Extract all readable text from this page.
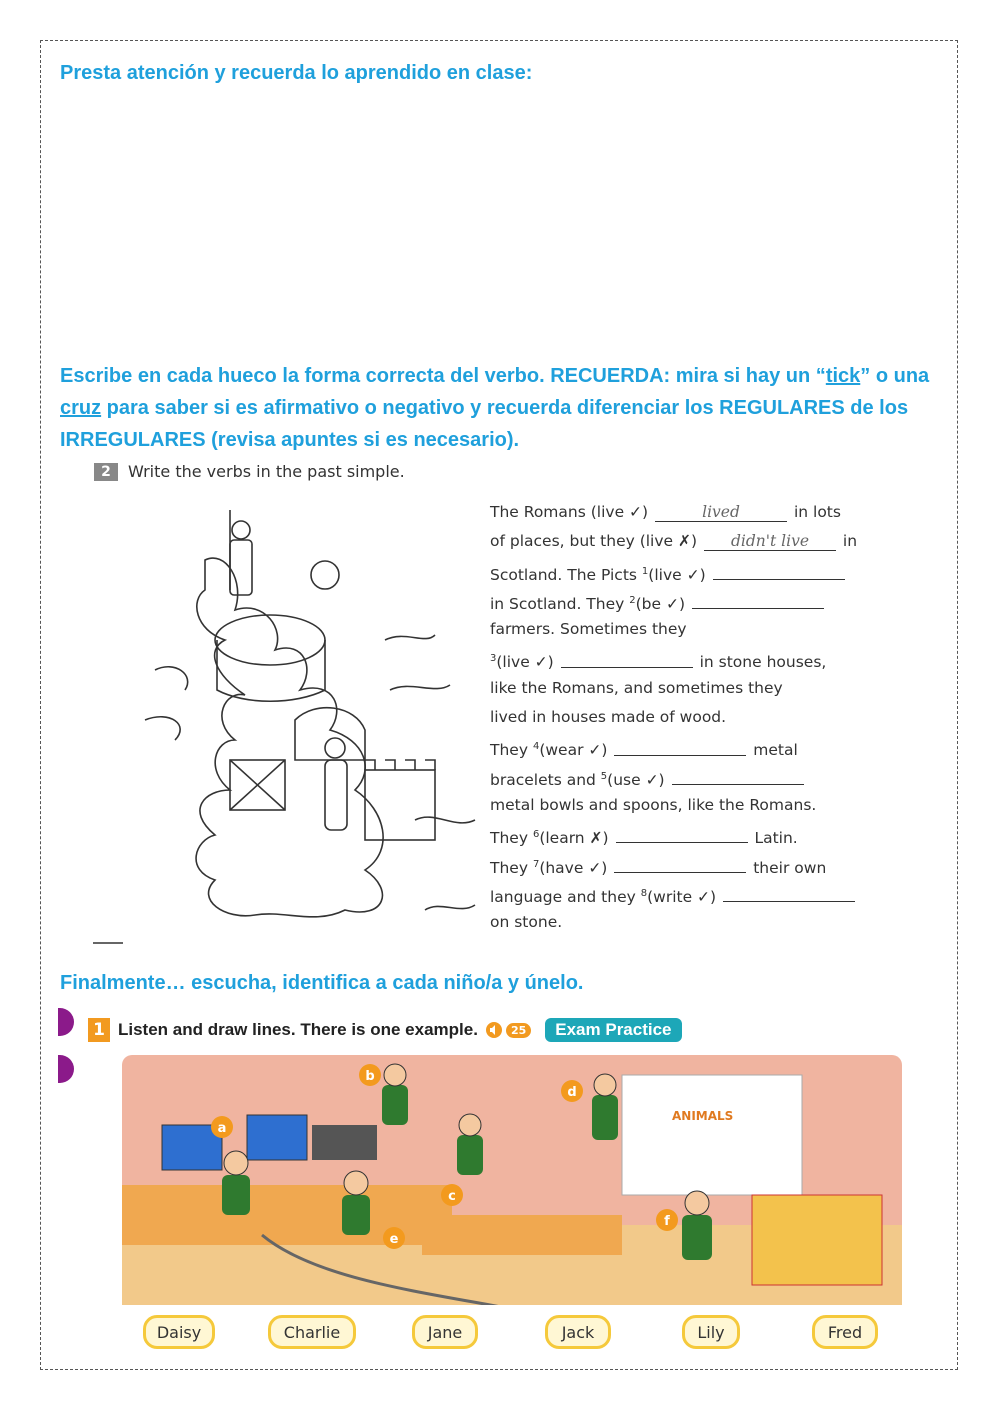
Presta atención y recuerda lo aprendido en clase:
Escribe en cada hueco la forma correcta del verbo. RECUERDA: mira si hay un “tick” o una cruz para saber si es afirmativo o negativo y recuerda diferenciar los REGULARES de los IRREGULARES (revisa apuntes si es necesario).
2	Write the verbs in the past simple.
The Romans (live ✓)	lived	in lots
of places, but they (live ✗)	didn't live	in
Scotland. The Picts $^1$(live ✓)
in Scotland. They $^2$(be ✓)
farmers. Sometimes they
$^3$(live ✓)	in stone houses,
like the Romans, and sometimes they
lived in houses made of wood.
They $^4$(wear ✓)	metal
bracelets and $^5$(use ✓)
metal bowls and spoons, like the Romans.
They $^6$(learn ✗)	Latin.
They $^7$(have ✓)	their own
language and they $^8$(write ✓)
on stone.
Finalmente… escucha, identifica a cada niño/a y únelo.
1 Listen and draw lines. There is one example.	25	Exam Practice
ANIMALS
a
b
c
d
e
f
Daisy	Charlie	Jane	Jack	Lily	Fred
